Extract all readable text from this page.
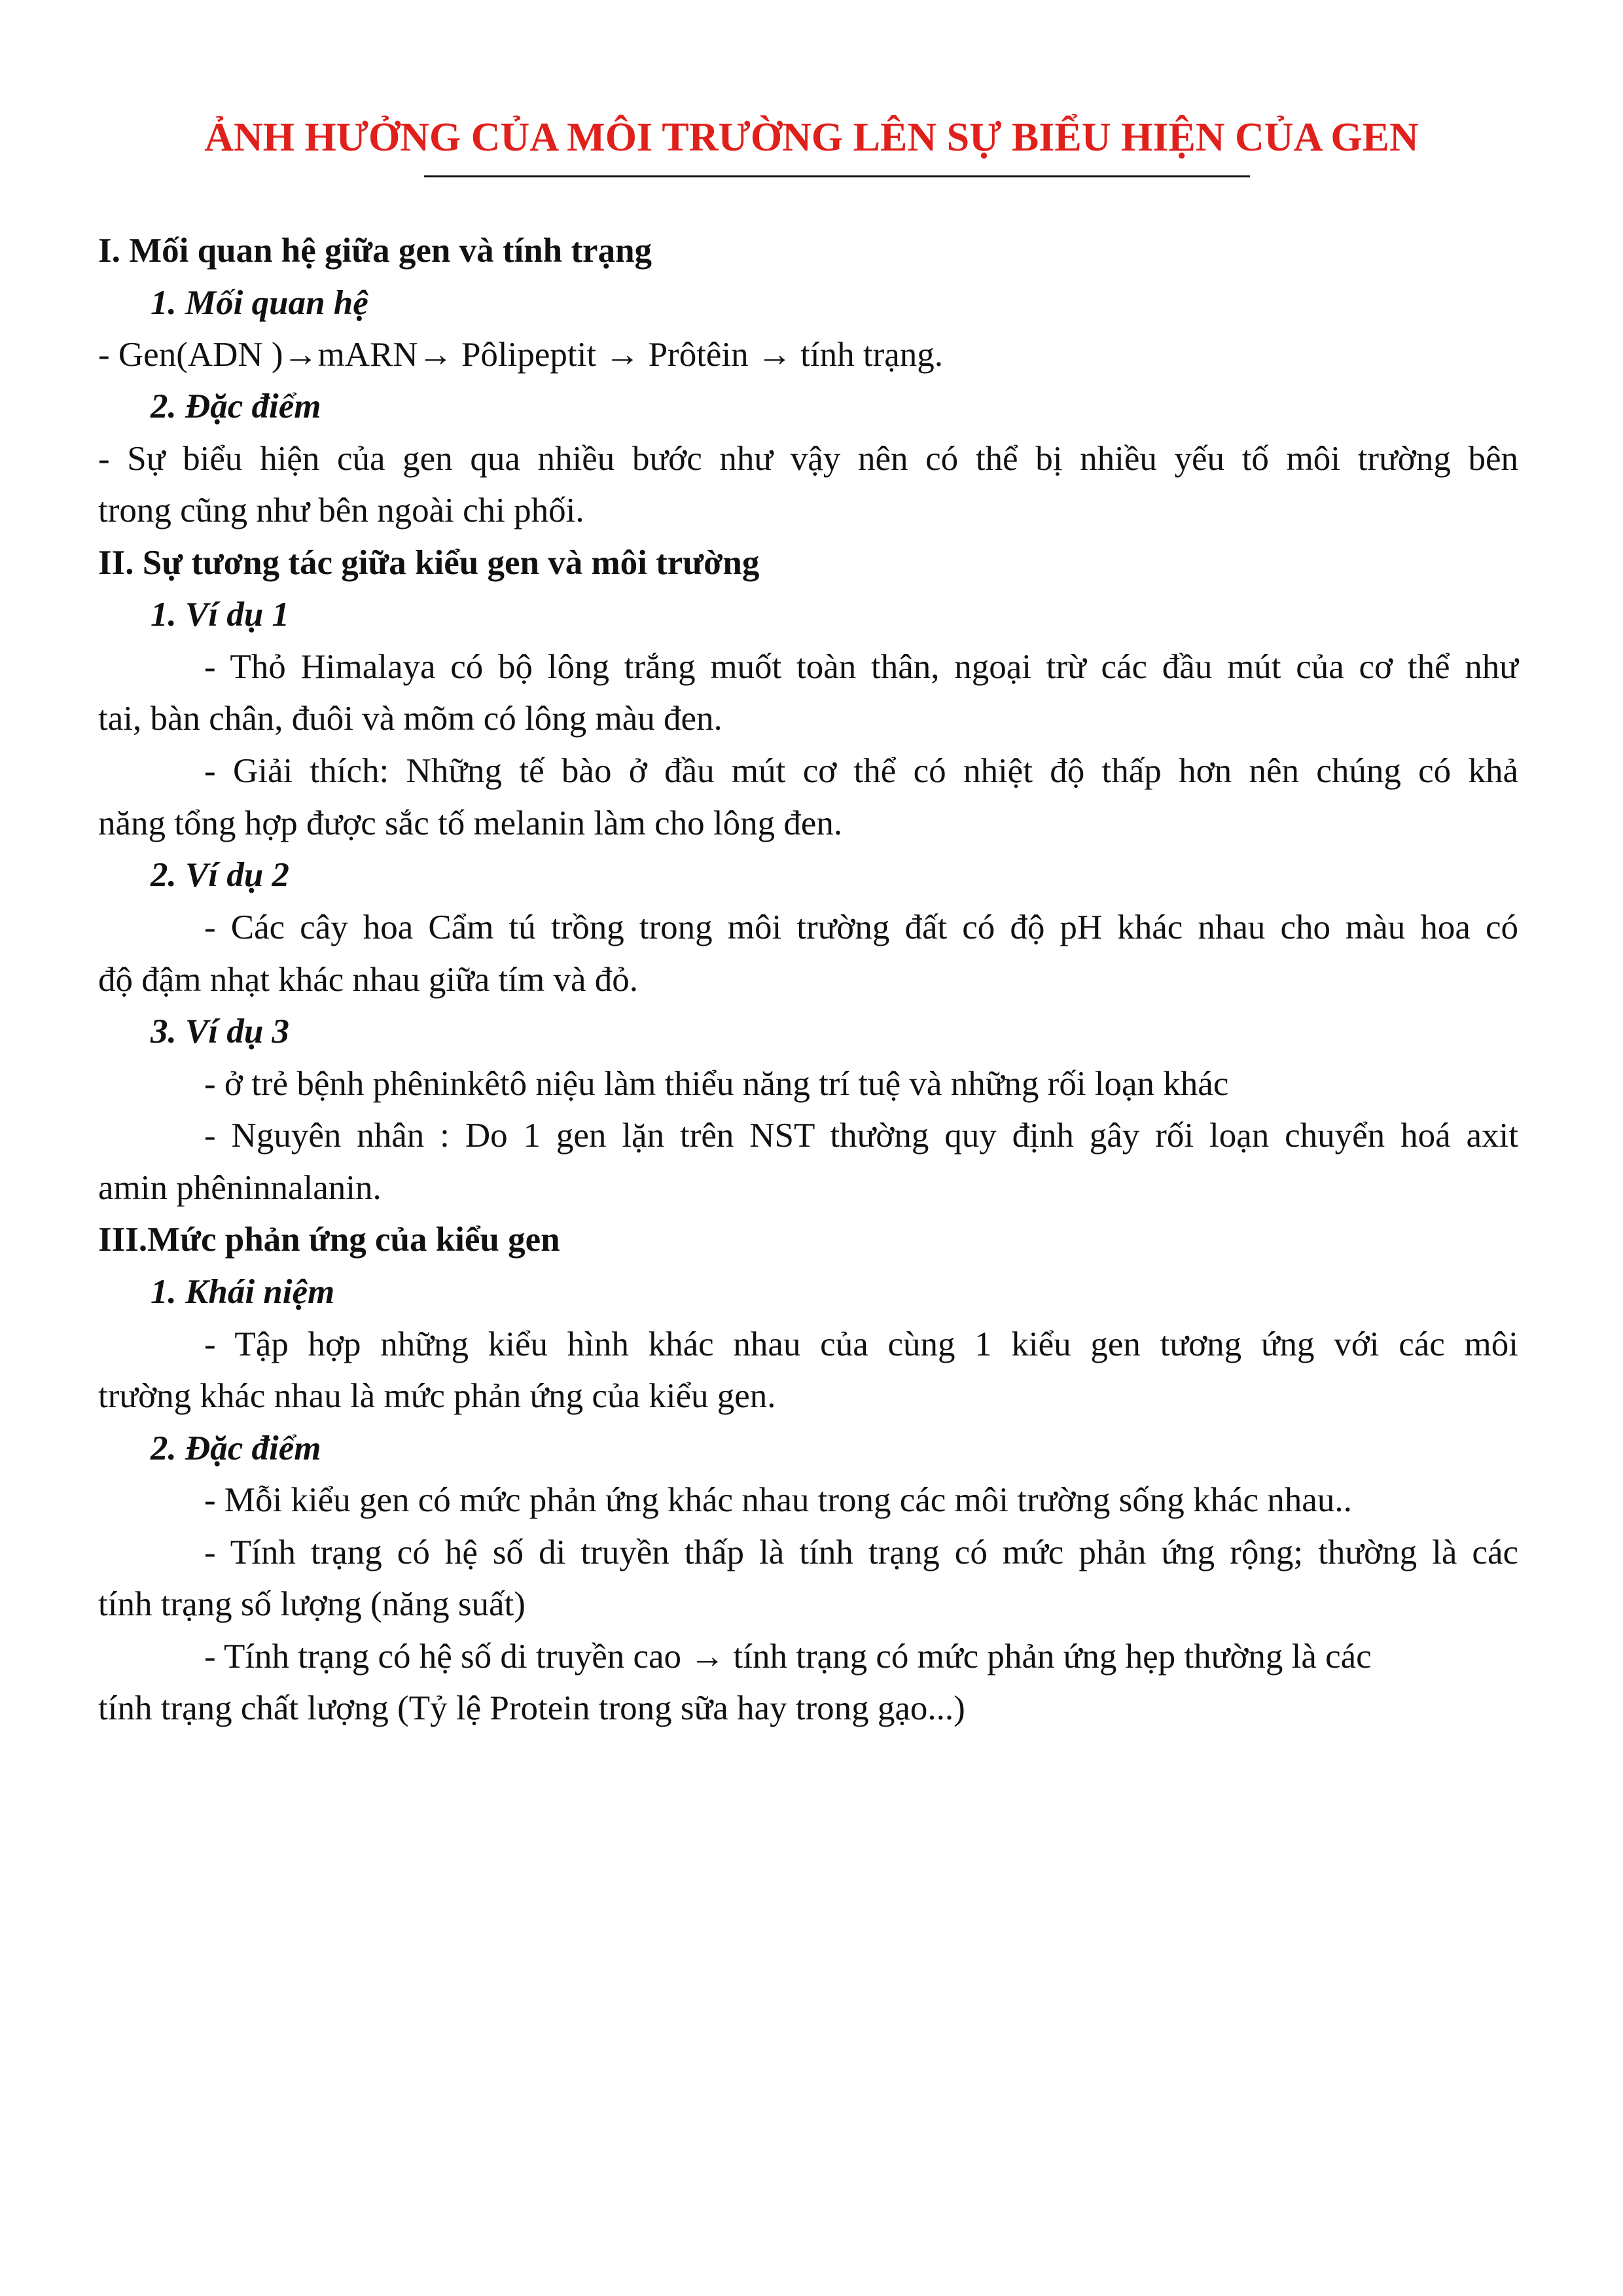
ẢNH HƯỞNG CỦA MÔI TRƯỜNG LÊN SỰ BIỂU HIỆN CỦA GEN
I. Mối quan hệ giữa gen và tính trạng
1. Mối quan hệ
- Gen(ADN )→mARN→ Pôlipeptit → Prôtêin → tính trạng.
2. Đặc điểm
- Sự biểu hiện của gen qua nhiều bước như vậy nên có thể bị nhiều yếu tố môi trường bên
trong cũng như bên ngoài chi phối.
II. Sự tương tác giữa kiểu gen và môi trường
1. Ví dụ 1
- Thỏ Himalaya có bộ lông trắng muốt toàn thân, ngoại trừ các đầu mút của cơ thể như
tai, bàn chân, đuôi và mõm có lông màu đen.
- Giải thích: Những tế bào ở đầu mút cơ thể có nhiệt độ thấp hơn nên chúng có khả
năng tổng hợp được sắc tố melanin làm cho lông đen.
2. Ví dụ 2
- Các cây hoa Cẩm tú trồng trong môi trường đất có độ pH khác nhau cho màu hoa có
độ đậm nhạt khác nhau giữa tím và đỏ.
3. Ví dụ 3
- ở trẻ bệnh phêninkêtô niệu làm thiểu năng trí tuệ và những rối loạn khác
- Nguyên nhân : Do 1 gen lặn trên NST thường quy định gây rối loạn chuyển hoá axit
amin phêninnalanin.
III.Mức phản ứng của kiểu gen
1. Khái niệm
- Tập hợp những kiểu hình khác nhau của cùng 1 kiểu gen tương ứng với các môi
trường khác nhau là mức phản ứng của kiểu gen.
2. Đặc điểm
- Mỗi kiểu gen có mức phản ứng khác nhau trong các môi trường sống khác nhau..
- Tính trạng có hệ số di truyền thấp là tính trạng có mức phản ứng rộng; thường là các
tính trạng số lượng (năng suất)
- Tính trạng có hệ số di truyền cao → tính trạng có mức phản ứng hẹp thường là các
tính trạng chất lượng (Tỷ lệ Protein trong sữa hay trong gạo...)
